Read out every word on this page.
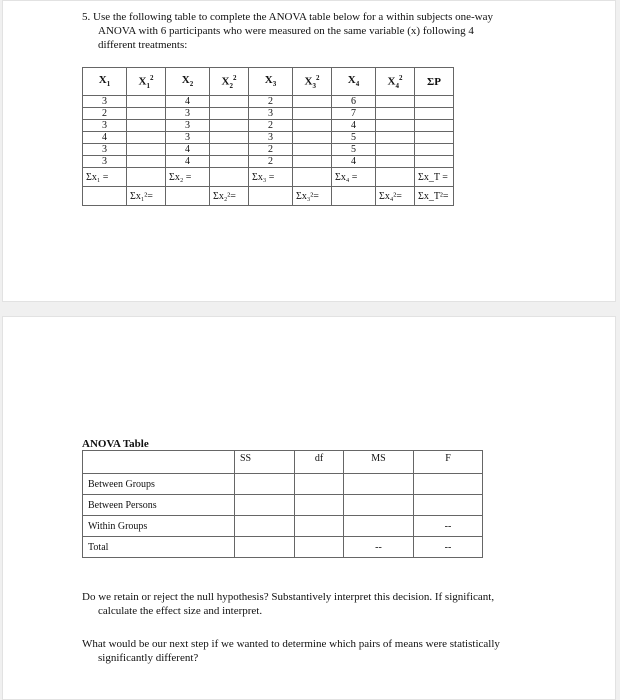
5. Use the following table to complete the ANOVA table below for a within subjects one-way
ANOVA with 6 participants who were measured on the same variable (x) following 4
different treatments:
$X_1$	$X_1^2$	$X_2$	$X_2^2$	$X_3$	$X_3^2$	$X_4$	$X_4^2$	ΣP
3		4		2		6		
2		3		3		7		
3		3		2		4		
4		3		3		5		
3		4		2		5		
3		4		2		4		
Σx₁ =		Σx₂ =		Σx₃ =		Σx₄ =		Σx_T =
	Σx₁²=		Σx₂²=		Σx₃²=		Σx₄²=	Σx_T²=
ANOVA Table
	SS	df	MS	F
Between Groups				
Between Persons				
Within Groups				--
Total			--	--
Do we retain or reject the null hypothesis? Substantively interpret this decision. If significant,
calculate the effect size and interpret.
What would be our next step if we wanted to determine which pairs of means were statistically
significantly different?
